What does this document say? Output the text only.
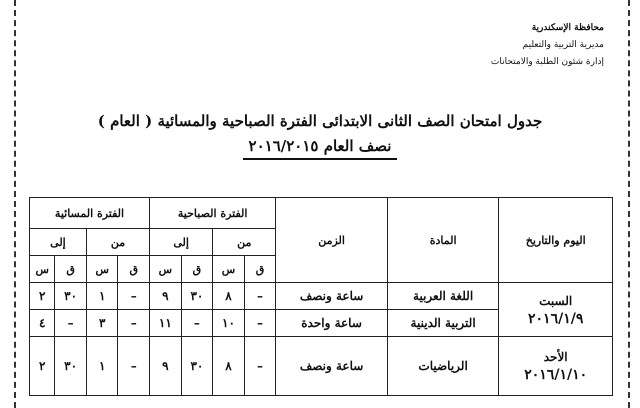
محافظة الإسكندرية
مديرية التربية والتعليم
إدارة شئون الطلبة والامتحانات
جدول امتحان الصف الثانى الابتدائى الفترة الصباحية والمسائية ( العام )
نصف العام ٢٠١٦/٢٠١٥
اليوم والتاريخ	المادة	الزمن	الفترة الصباحية				الفترة المسائية			
			من		إلى		من		إلى	
			ق	س	ق	س	ق	س	ق	س

السبت
٢٠١٦/١/٩	اللغة العربية	ساعة ونصف	–	٨	٣٠	٩	–	١	٣٠	٢
	التربية الدينية	ساعة واحدة	–	١٠	–	١١	–	٣	–	٤

الأحد
٢٠١٦/١/١٠	الرياضيات	ساعة ونصف	–	٨	٣٠	٩	–	١	٣٠	٢
